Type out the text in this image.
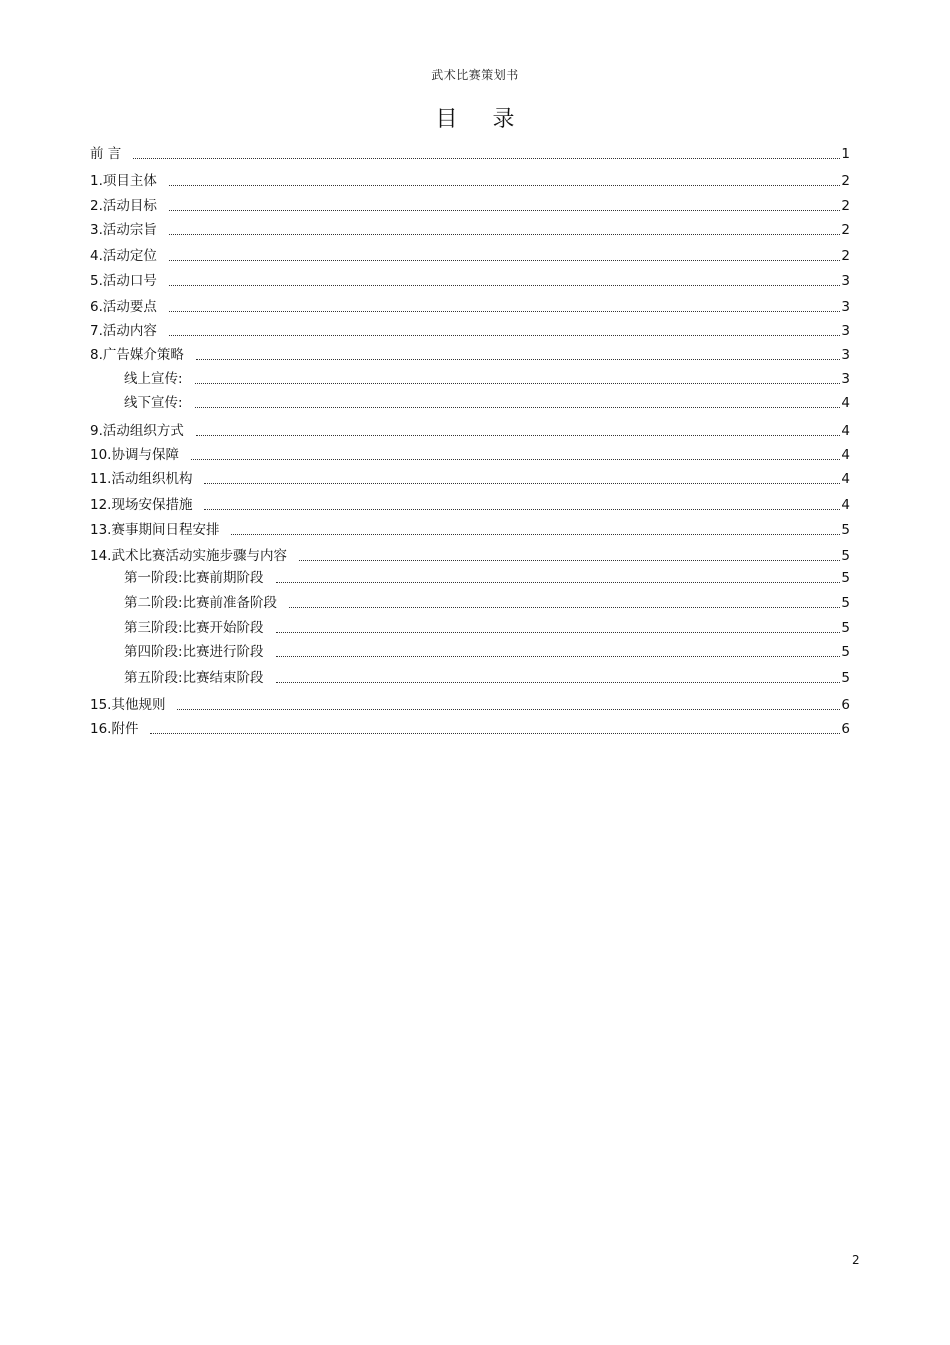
武术比赛策划书
目 录
前 言	1
1.项目主体	2
2.活动目标	2
3.活动宗旨	2
4.活动定位	2
5.活动口号	3
6.活动要点	3
7.活动内容	3
8.广告媒介策略	3
线上宣传:	3
线下宣传:	4
9.活动组织方式	4
10.协调与保障	4
11.活动组织机构	4
12.现场安保措施	4
13.赛事期间日程安排	5
14.武术比赛活动实施步骤与内容	5
第一阶段:比赛前期阶段	5
第二阶段:比赛前准备阶段	5
第三阶段:比赛开始阶段	5
第四阶段:比赛进行阶段	5
第五阶段:比赛结束阶段	5
15.其他规则	6
16.附件	6
2
